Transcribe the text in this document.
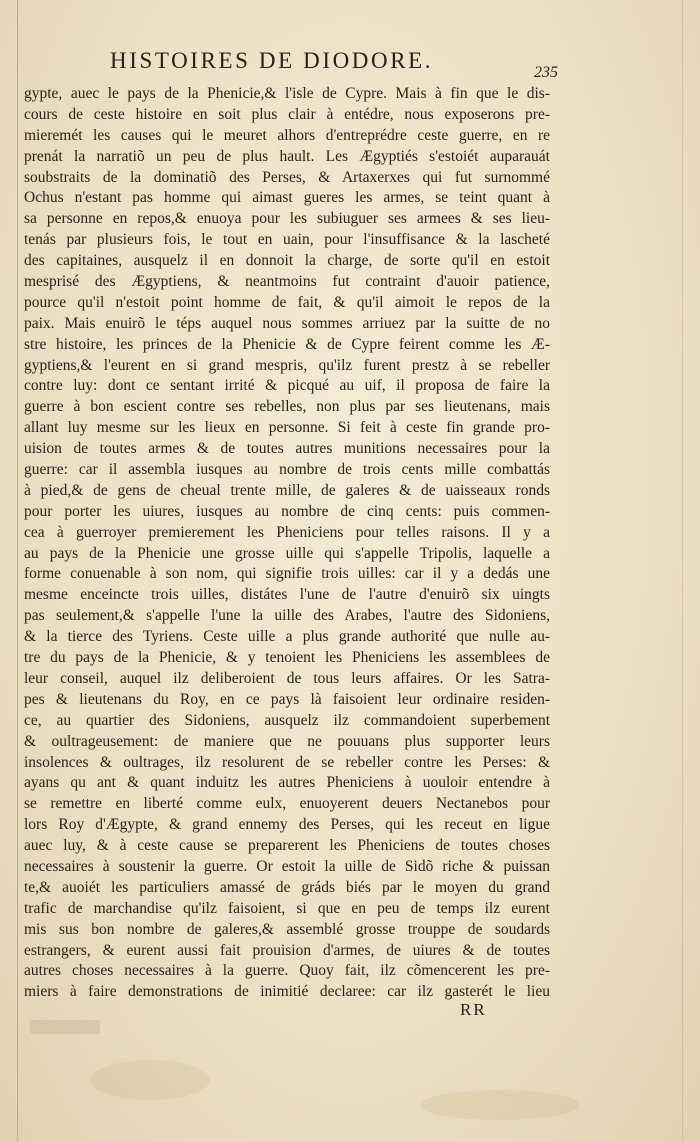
HISTOIRES DE DIODORE.	235
gypte, auec le pays de la Phenicie,& l'isle de Cypre. Mais à fin que le dis-
cours de ceste histoire en soit plus clair à entédre, nous exposerons pre-
mieremét les causes qui le meuret alhors d'entreprédre ceste guerre, en re
prenát la narratiõ un peu de plus hault. Les Ægyptiés s'estoiét auparauát
soubstraits de la dominatiõ des Perses, & Artaxerxes qui fut surnommé
Ochus n'estant pas homme qui aimast gueres les armes, se teint quant à
sa personne en repos,& enuoya pour les subiuguer ses armees & ses lieu-
tenás par plusieurs fois, le tout en uain, pour l'insuffisance & la lascheté
des capitaines, ausquelz il en donnoit la charge, de sorte qu'il en estoit
mesprisé des Ægyptiens, & neantmoins fut contraint d'auoir patience,
pource qu'il n'estoit point homme de fait, & qu'il aimoit le repos de la
paix. Mais enuirõ le téps auquel nous sommes arriuez par la suitte de no
stre histoire, les princes de la Phenicie & de Cypre feirent comme les Æ-
gyptiens,& l'eurent en si grand mespris, qu'ilz furent prestz à se rebeller
contre luy: dont ce sentant irrité & picqué au uif, il proposa de faire la
guerre à bon escient contre ses rebelles, non plus par ses lieutenans, mais
allant luy mesme sur les lieux en personne. Si feit à ceste fin grande pro-
uision de toutes armes & de toutes autres munitions necessaires pour la
guerre: car il assembla iusques au nombre de trois cents mille combattás
à pied,& de gens de cheual trente mille, de galeres & de uaisseaux ronds
pour porter les uiures, iusques au nombre de cinq cents: puis commen-
cea à guerroyer premierement les Pheniciens pour telles raisons. Il y a
au pays de la Phenicie une grosse uille qui s'appelle Tripolis, laquelle a
forme conuenable à son nom, qui signifie trois uilles: car il y a dedás une
mesme enceincte trois uilles, distátes l'une de l'autre d'enuirõ six uingts
pas seulement,& s'appelle l'une la uille des Arabes, l'autre des Sidoniens,
& la tierce des Tyriens. Ceste uille a plus grande authorité que nulle au-
tre du pays de la Phenicie, & y tenoient les Pheniciens les assemblees de
leur conseil, auquel ilz deliberoient de tous leurs affaires. Or les Satra-
pes & lieutenans du Roy, en ce pays là faisoient leur ordinaire residen-
ce, au quartier des Sidoniens, ausquelz ilz commandoient superbement
& oultrageusement: de maniere que ne pouuans plus supporter leurs
insolences & oultrages, ilz resolurent de se rebeller contre les Perses: &
ayans qu ant & quant induitz les autres Pheniciens à uouloir entendre à
se remettre en liberté comme eulx, enuoyerent deuers Nectanebos pour
lors Roy d'Ægypte, & grand ennemy des Perses, qui les receut en ligue
auec luy, & à ceste cause se preparerent les Pheniciens de toutes choses
necessaires à soustenir la guerre. Or estoit la uille de Sidõ riche & puissan
te,& auoiét les particuliers amassé de gráds biés par le moyen du grand
trafic de marchandise qu'ilz faisoient, si que en peu de temps ilz eurent
mis sus bon nombre de galeres,& assemblé grosse trouppe de soudards
estrangers, & eurent aussi fait prouision d'armes, de uiures & de toutes
autres choses necessaires à la guerre. Quoy fait, ilz cõmencerent les pre-
miers à faire demonstrations de inimitié declaree: car ilz gasterét le lieu
RR
